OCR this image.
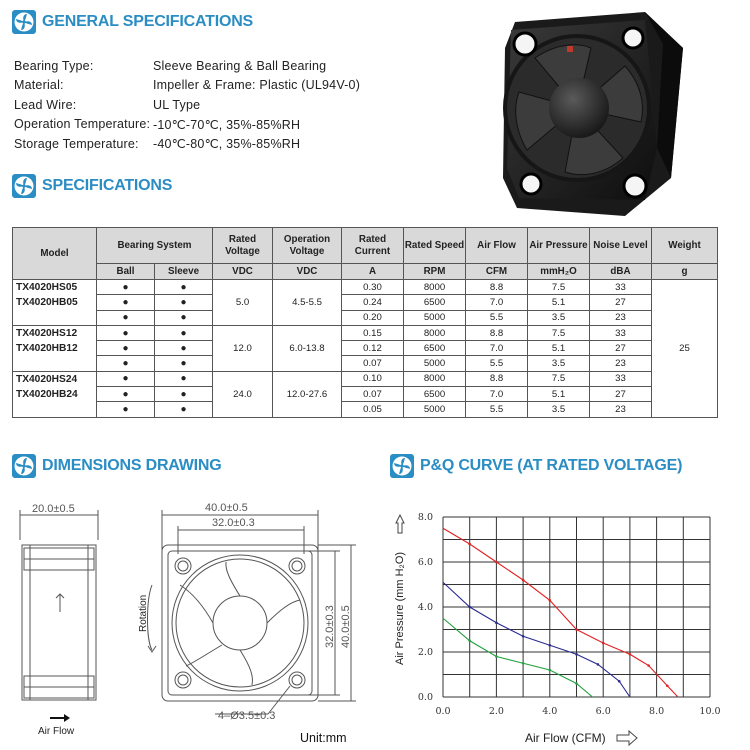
GENERAL SPECIFICATIONS
Bearing Type:	Sleeve Bearing & Ball Bearing
Material:	Impeller & Frame: Plastic (UL94V-0)
Lead Wire:	UL Type
Operation Temperature: -10℃-70℃, 35%-85%RH
Storage Temperature:	-40℃-80℃, 35%-85%RH
SPECIFICATIONS
Model	Bearing System		Rated Voltage	Operation Voltage	Rated Current	Rated Speed	Air Flow	Air Pressure	Noise Level	Weight
	Ball	Sleeve	VDC	VDC	A	RPM	CFM	mmH₂O	dBA	g
TX4020HS05	●	●	5.0	4.5-5.5	0.30	8000	8.8	7.5	33	25
TX4020HB05	●	●			0.24	6500	7.0	5.1	27	
	●	●			0.20	5000	5.5	3.5	23	
TX4020HS12	●	●	12.0	6.0-13.8	0.15	8000	8.8	7.5	33	
TX4020HB12	●	●			0.12	6500	7.0	5.1	27	
	●	●			0.07	5000	5.5	3.5	23	
TX4020HS24	●	●	24.0	12.0-27.6	0.10	8000	8.8	7.5	33	
TX4020HB24	●	●			0.07	6500	7.0	5.1	27	
	●	●			0.05	5000	5.5	3.5	23	
DIMENSIONS DRAWING
20.0±0.5	40.0±0.5
32.0±0.3
4–Ø3.5±0.3
32.0±0.3 40.0±0.5
Rotation
Air Flow	Unit:mm
P&Q CURVE (AT RATED VOLTAGE)
0.0	2.0	4.0	6.0	8.0	10.0
0.0
2.0
4.0
6.0
8.0
Air Pressure (mm H₂O)
Air Flow (CFM)
